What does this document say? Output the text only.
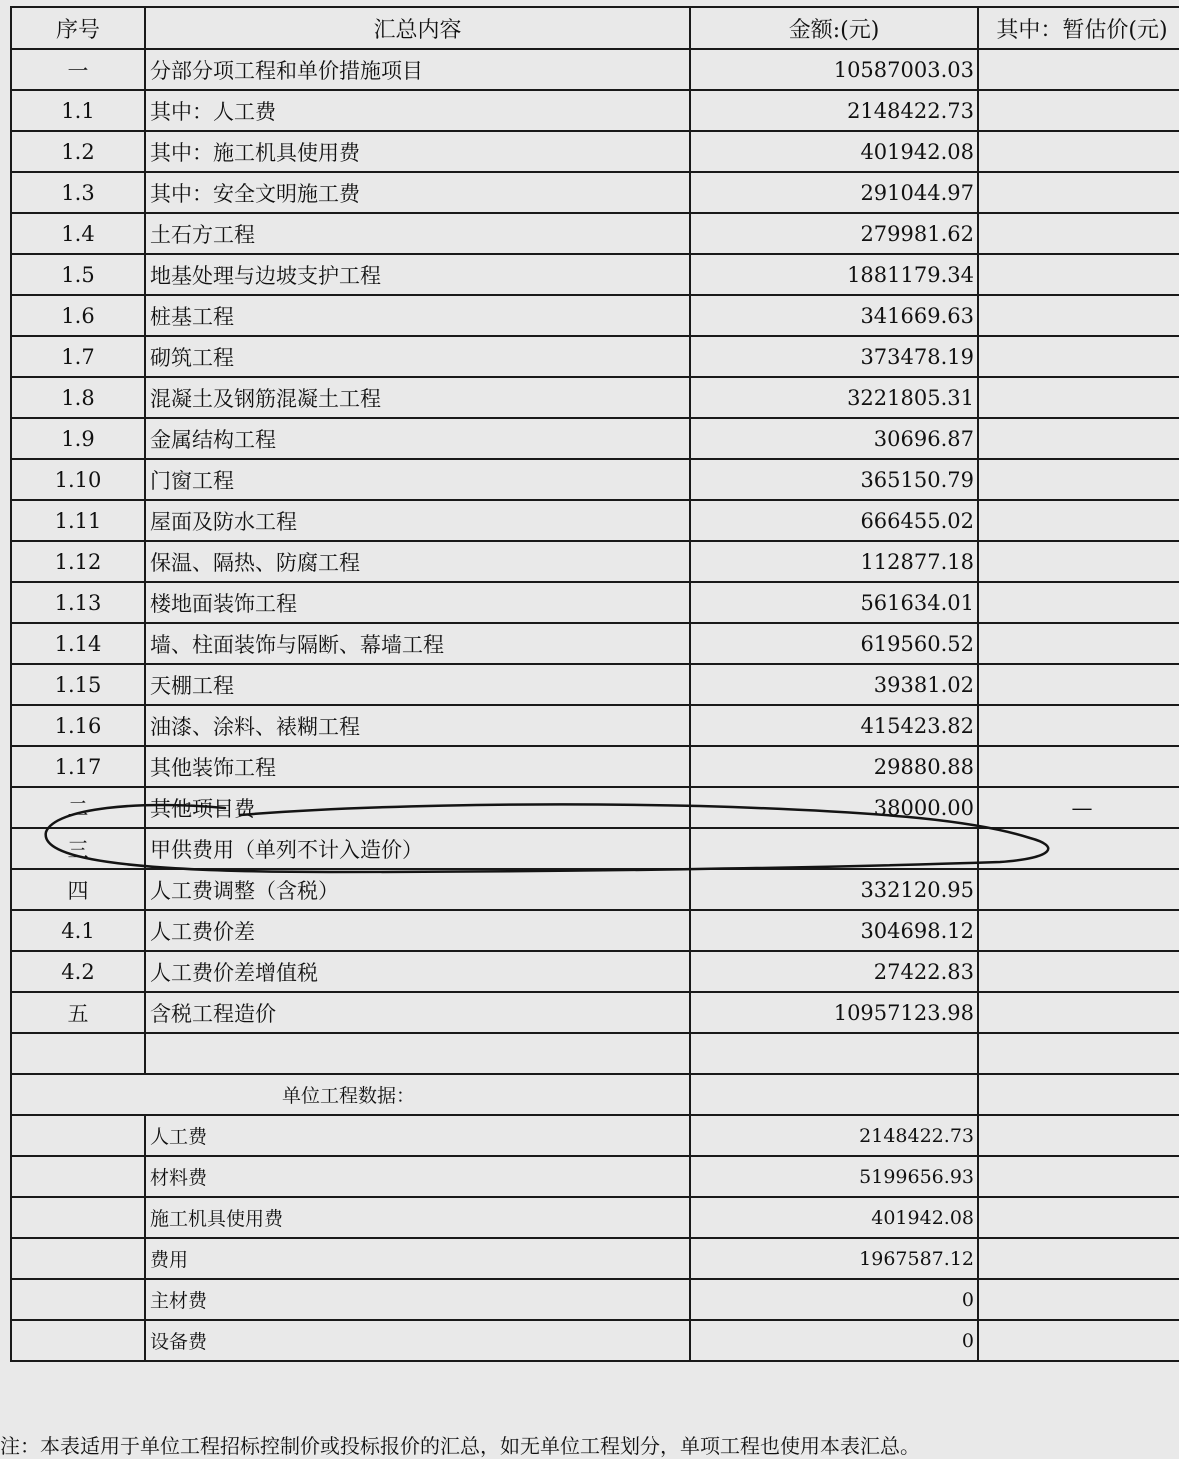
序号	汇总内容	金额:(元)	其中：暂估价(元)
一	分部分项工程和单价措施项目	10587003.03	
1.1	其中：人工费	2148422.73	
1.2	其中：施工机具使用费	401942.08	
1.3	其中：安全文明施工费	291044.97	
1.4	土石方工程	279981.62	
1.5	地基处理与边坡支护工程	1881179.34	
1.6	桩基工程	341669.63	
1.7	砌筑工程	373478.19	
1.8	混凝土及钢筋混凝土工程	3221805.31	
1.9	金属结构工程	30696.87	
1.10	门窗工程	365150.79	
1.11	屋面及防水工程	666455.02	
1.12	保温、隔热、防腐工程	112877.18	
1.13	楼地面装饰工程	561634.01	
1.14	墙、柱面装饰与隔断、幕墙工程	619560.52	
1.15	天棚工程	39381.02	
1.16	油漆、涂料、裱糊工程	415423.82	
1.17	其他装饰工程	29880.88	
二	其他项目费	38000.00	—
三	甲供费用（单列不计入造价）		
四	人工费调整（含税）	332120.95	
4.1	人工费价差	304698.12	
4.2	人工费价差增值税	27422.83	
五	含税工程造价	10957123.98	

单位工程数据：			
	人工费	2148422.73	
	材料费	5199656.93	
	施工机具使用费	401942.08	
	费用	1967587.12	
	主材费	0	
	设备费	0	
注：本表适用于单位工程招标控制价或投标报价的汇总，如无单位工程划分，单项工程也使用本表汇总。
